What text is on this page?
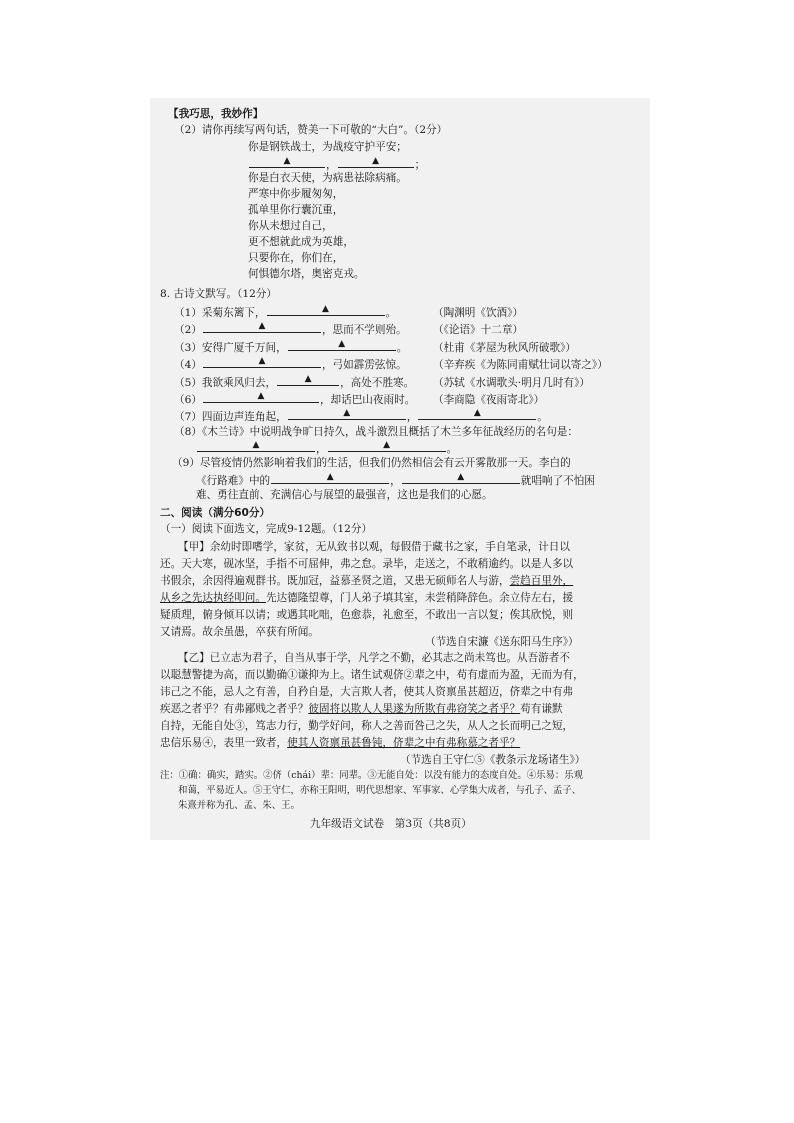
【我巧思，我妙作】
（2）请你再续写两句话，赞美一下可敬的“大白”。（2分）
你是钢铁战士，为战疫守护平安；
▲	，	▲	；
你是白衣天使，为病患祛除病痛。
严寒中你步履匆匆，
孤单里你行囊沉重，
你从未想过自己，
更不想就此成为英雄，
只要你在，你们在，
何惧德尔塔，奥密克戎。
8. 古诗文默写。（12分）
（1）采菊东篱下，	▲	。	（陶渊明《饮酒》）
（2）	▲	，思而不学则殆。 （《论语》十二章）
（3）安得广厦千万间，	▲	。 （杜甫《茅屋为秋风所破歌》）
（4）	▲	，弓如霹雳弦惊。 （辛弃疾《为陈同甫赋壮词以寄之》）
（5）我欲乘风归去，	▲	，高处不胜寒。 （苏轼《水调歌头·明月几时有》）
（6）	▲	，却话巴山夜雨时。 （李商隐《夜雨寄北》）
（7）四面边声连角起，	▲	，	▲	。
（8）《木兰诗》中说明战争旷日持久，战斗激烈且概括了木兰多年征战经历的名句是：
▲	，	▲	。
（9）尽管疫情仍然影响着我们的生活，但我们仍然相信会有云开雾散那一天。李白的
《行路难》中的	▲	，	▲	就唱响了不怕困
难、勇往直前、充满信心与展望的最强音，这也是我们的心愿。
二、阅读（满分60分）
（一）阅读下面选文，完成9-12题。（12分）
【甲】余幼时即嗜学，家贫，无从致书以观，每假借于藏书之家，手自笔录，计日以
还。天大寒，砚冰坚，手指不可屈伸，弗之怠。录毕，走送之，不敢稍逾约。以是人多以
书假余，余因得遍观群书。既加冠，益慕圣贤之道，又患无硕师名人与游，尝趋百里外，
从乡之先达执经叩问。先达德隆望尊，门人弟子填其室，未尝稍降辞色。余立侍左右，援
疑质理，俯身倾耳以请；或遇其叱咄，色愈恭，礼愈至，不敢出一言以复；俟其欣悦，则
又请焉。故余虽愚，卒获有所闻。
（节选自宋濂《送东阳马生序》）
【乙】已立志为君子，自当从事于学，凡学之不勤，必其志之尚未笃也。从吾游者不
以聪慧警捷为高，而以勤确①谦抑为上。诸生试观侪②辈之中，苟有虚而为盈，无而为有，
讳己之不能，忌人之有善，自矜自是，大言欺人者，使其人资禀虽甚超迈，侪辈之中有弗
疾恶之者乎？有弗鄙贱之者乎？彼固将以欺人人果遂为所欺有弗窃笑之者乎？苟有谦默
自持，无能自处③，笃志力行，勤学好问，称人之善而咎己之失，从人之长而明己之短，
忠信乐易④，表里一致者，使其人资禀虽甚鲁钝，侪辈之中有弗称慕之者乎？
（节选自王守仁⑤《教条示龙场诸生》）
注：①确：确实，踏实。②侪（chái）辈：同辈。③无能自处：以没有能力的态度自处。④乐易：乐观
和蔼，平易近人。⑤王守仁，亦称王阳明，明代思想家、军事家、心学集大成者，与孔子、孟子、
朱熹并称为孔、孟、朱、王。
九年级语文试卷　第3页（共8页）
